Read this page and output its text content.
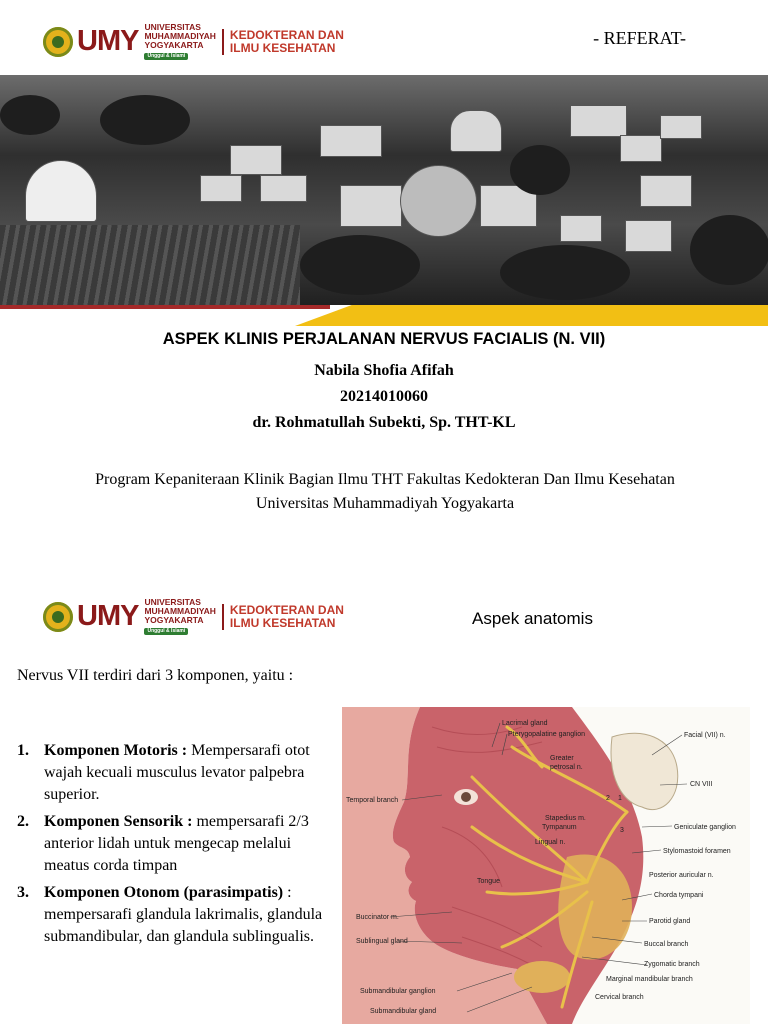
UMY UNIVERSITAS
MUHAMMADIYAH
YOGYAKARTA
Unggul & Islami
KEDOKTERAN DAN
ILMU KESEHATAN	- REFERAT-
ASPEK KLINIS PERJALANAN NERVUS FACIALIS (N. VII)
Nabila Shofia Afifah
20214010060
dr. Rohmatullah Subekti, Sp. THT-KL
Program Kepaniteraan Klinik Bagian Ilmu THT Fakultas Kedokteran Dan Ilmu Kesehatan
Universitas Muhammadiyah Yogyakarta
UMY UNIVERSITAS
MUHAMMADIYAH
YOGYAKARTA
Unggul & Islami
KEDOKTERAN DAN
ILMU KESEHATAN	Aspek anatomis
Nervus VII terdiri dari 3 komponen, yaitu :
1. Komponen Motoris : Mempersarafi otot wajah kecuali musculus levator palpebra superior.
2. Komponen Sensorik : mempersarafi 2/3 anterior lidah untuk mengecap melalui meatus corda timpan
3. Komponen Otonom (parasimpatis) : mempersarafi glandula lakrimalis, glandula submandibular, dan glandula sublingualis.
Lacrimal gland
Pterygopalatine ganglion	Facial (VII) n.
Greater
petrosal n.
CN VIII
Temporal branch	2 1
Stapedius m.
Tympanum	3	Geniculate ganglion
Lingual n.
Stylomastoid foramen
Posterior auricular n.
Tongue
Chorda tympani
Buccinator m.
Parotid gland
Sublingual gland	Buccal branch
Zygomatic branch
Marginal mandibular branch
Submandibular ganglion
Cervical branch
Submandibular gland
